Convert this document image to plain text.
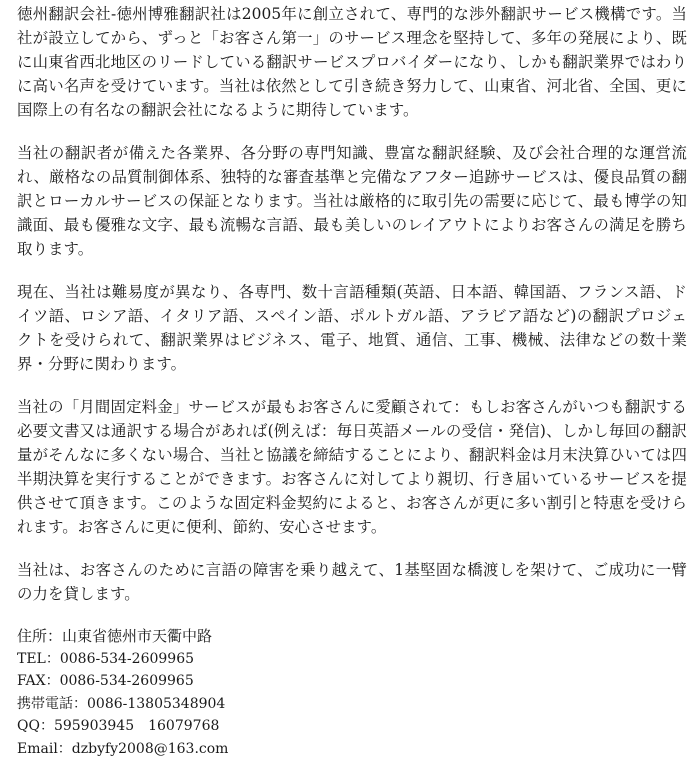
徳州翻訳会社-徳州博雅翻訳社は2005年に創立されて、専門的な渉外翻訳サービス機構です。当社が設立してから、ずっと「お客さん第一」のサービス理念を堅持して、多年の発展により、既に山東省西北地区のリードしている翻訳サービスプロバイダーになり、しかも翻訳業界ではわりに高い名声を受けています。当社は依然として引き続き努力して、山東省、河北省、全国、更に国際上の有名なの翻訳会社になるように期待しています。

当社の翻訳者が備えた各業界、各分野の専門知識、豊富な翻訳経験、及び会社合理的な運営流れ、厳格なの品質制御体系、独特的な審査基準と完備なアフター追跡サービスは、優良品質の翻訳とローカルサービスの保証となります。当社は厳格的に取引先の需要に応じて、最も博学の知識面、最も優雅な文字、最も流暢な言語、最も美しいのレイアウトによりお客さんの満足を勝ち取ります。

現在、当社は難易度が異なり、各専門、数十言語種類(英語、日本語、韓国語、フランス語、ドイツ語、ロシア語、イタリア語、スペイン語、ポルトガル語、アラビア語など)の翻訳プロジェクトを受けられて、翻訳業界はビジネス、電子、地質、通信、工事、機械、法律などの数十業界・分野に関わります。

当社の「月間固定料金」サービスが最もお客さんに愛顧されて：もしお客さんがいつも翻訳する必要文書又は通訳する場合があれば(例えば：毎日英語メールの受信・発信)、しかし毎回の翻訳量がそんなに多くない場合、当社と協議を締結することにより、翻訳料金は月末決算ひいては四半期決算を実行することができます。お客さんに対してより親切、行き届いているサービスを提供させて頂きます。このような固定料金契約によると、お客さんが更に多い割引と特恵を受けられます。お客さんに更に便利、節約、安心させます。

当社は、お客さんのために言語の障害を乗り越えて、1基堅固な橋渡しを架けて、ご成功に一臂の力を貸します。

住所：山東省徳州市天衢中路
TEL：0086-534-2609965
FAX：0086-534-2609965
携帯電話：0086-13805348904
QQ：595903945　16079768
Email：dzbyfy2008@163.com
